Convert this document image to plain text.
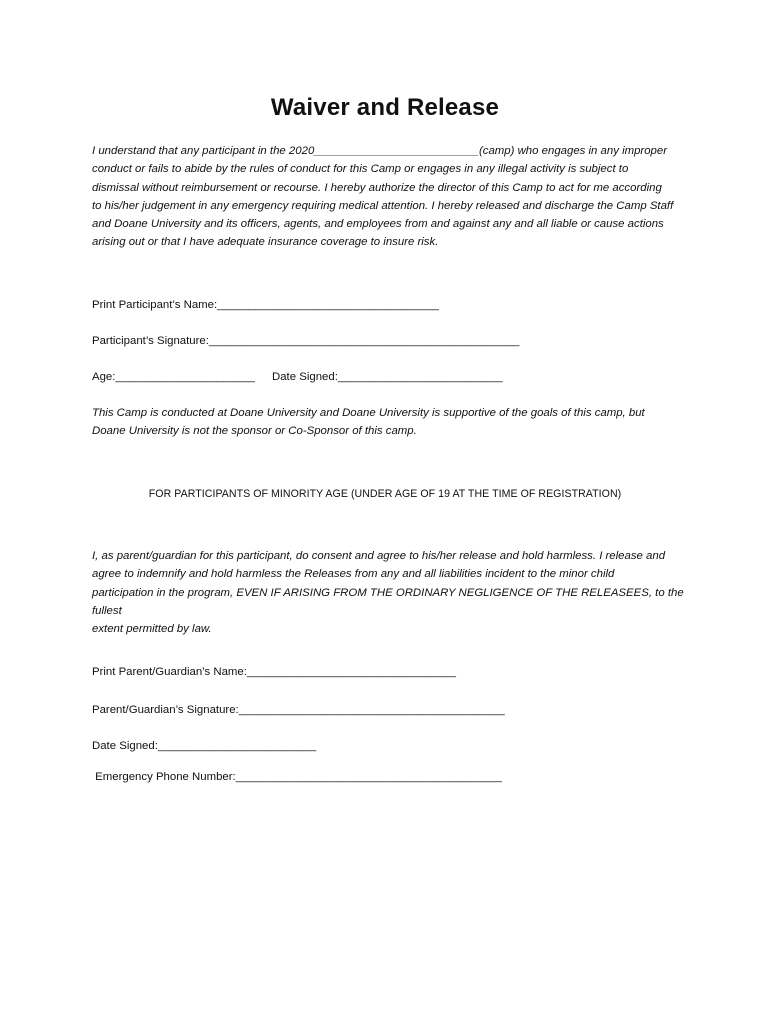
Waiver and Release
I understand that any participant in the 2020__________________________(camp) who engages in any improper
conduct or fails to abide by the rules of conduct for this Camp or engages in any illegal activity is subject to
dismissal without reimbursement or recourse. I hereby authorize the director of this Camp to act for me according
to his/her judgement in any emergency requiring medical attention. I hereby released and discharge the Camp Staff
and Doane University and its officers, agents, and employees from and against any and all liable or cause actions
arising out or that I have adequate insurance coverage to insure risk.
Print Participant’s Name:___________________________________
Participant’s Signature:_________________________________________________
Age:______________________ Date Signed:__________________________
This Camp is conducted at Doane University and Doane University is supportive of the goals of this camp, but
Doane University is not the sponsor or Co-Sponsor of this camp.
FOR PARTICIPANTS OF MINORITY AGE (UNDER AGE OF 19 AT THE TIME OF REGISTRATION)
I, as parent/guardian for this participant, do consent and agree to his/her release and hold harmless. I release and
agree to indemnify and hold harmless the Releases from any and all liabilities incident to the minor child
participation in the program, EVEN IF ARISING FROM THE ORDINARY NEGLIGENCE OF THE RELEASEES, to the fullest
extent permitted by law.
Print Parent/Guardian’s Name:_________________________________
Parent/Guardian’s Signature:__________________________________________
Date Signed:_________________________
Emergency Phone Number:__________________________________________
